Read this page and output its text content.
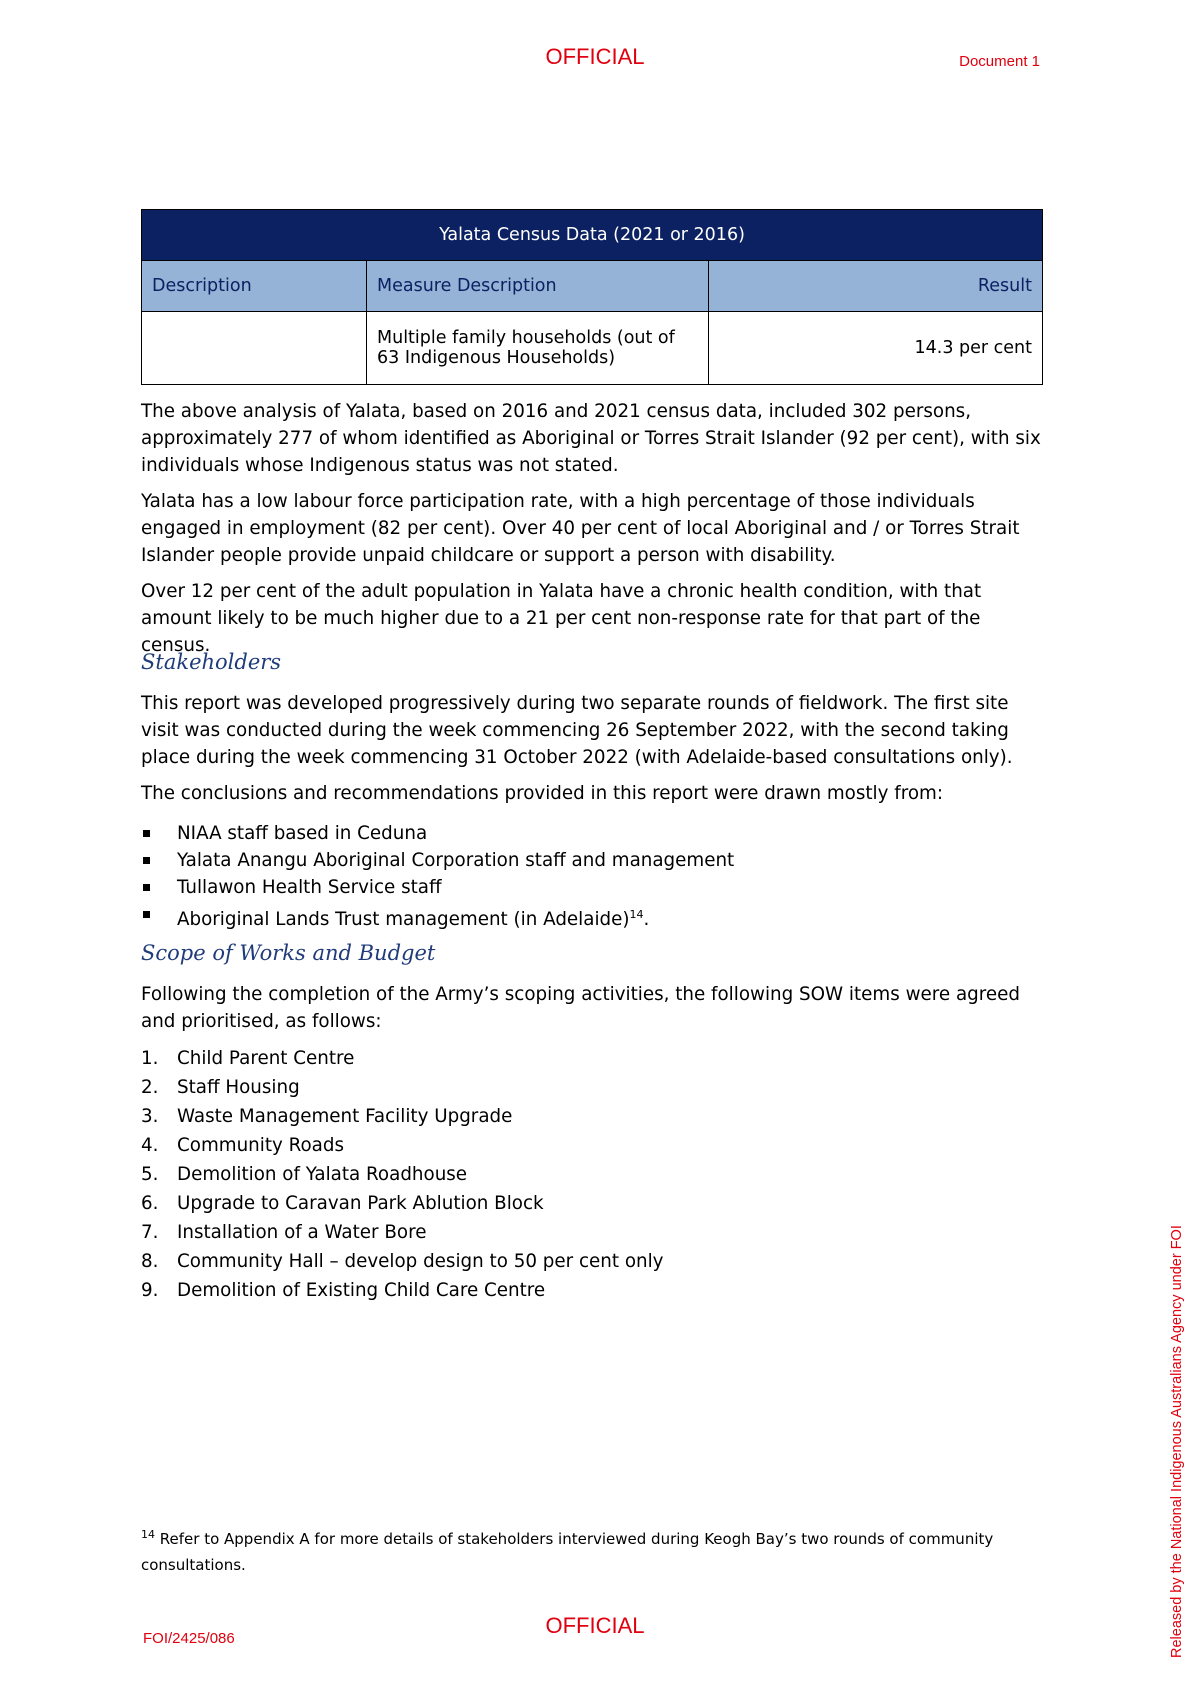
OFFICIAL	Document 1
Yalata Census Data (2021 or 2016)		
Description	Measure Description	Result
	Multiple family households (out of 63 Indigenous Households)	14.3 per cent

The above analysis of Yalata, based on 2016 and 2021 census data, included 302 persons, approximately 277 of whom identified as Aboriginal or Torres Strait Islander (92 per cent), with six individuals whose Indigenous status was not stated.

Yalata has a low labour force participation rate, with a high percentage of those individuals engaged in employment (82 per cent). Over 40 per cent of local Aboriginal and / or Torres Strait Islander people provide unpaid childcare or support a person with disability.

Over 12 per cent of the adult population in Yalata have a chronic health condition, with that amount likely to be much higher due to a 21 per cent non-response rate for that part of the census.

Stakeholders

This report was developed progressively during two separate rounds of fieldwork. The first site visit was conducted during the week commencing 26 September 2022, with the second taking place during the week commencing 31 October 2022 (with Adelaide-based consultations only).

The conclusions and recommendations provided in this report were drawn mostly from:

NIAA staff based in Ceduna
Yalata Anangu Aboriginal Corporation staff and management
Tullawon Health Service staff
Aboriginal Lands Trust management (in Adelaide)$^{14}$.
Scope of Works and Budget

Following the completion of the Army’s scoping activities, the following SOW items were agreed and prioritised, as follows:

1.	Child Parent Centre
2.	Staff Housing
3.	Waste Management Facility Upgrade
4.	Community Roads
5.	Demolition of Yalata Roadhouse
6.	Upgrade to Caravan Park Ablution Block
7.	Installation of a Water Bore
8.	Community Hall – develop design to 50 per cent only
9.	Demolition of Existing Child Care Centre
$^{14}$ Refer to Appendix A for more details of stakeholders interviewed during Keogh Bay’s two rounds of community consultations.
OFFICIAL
FOI/2425/086	Released by the National Indigenous Australians Agency under FOI
